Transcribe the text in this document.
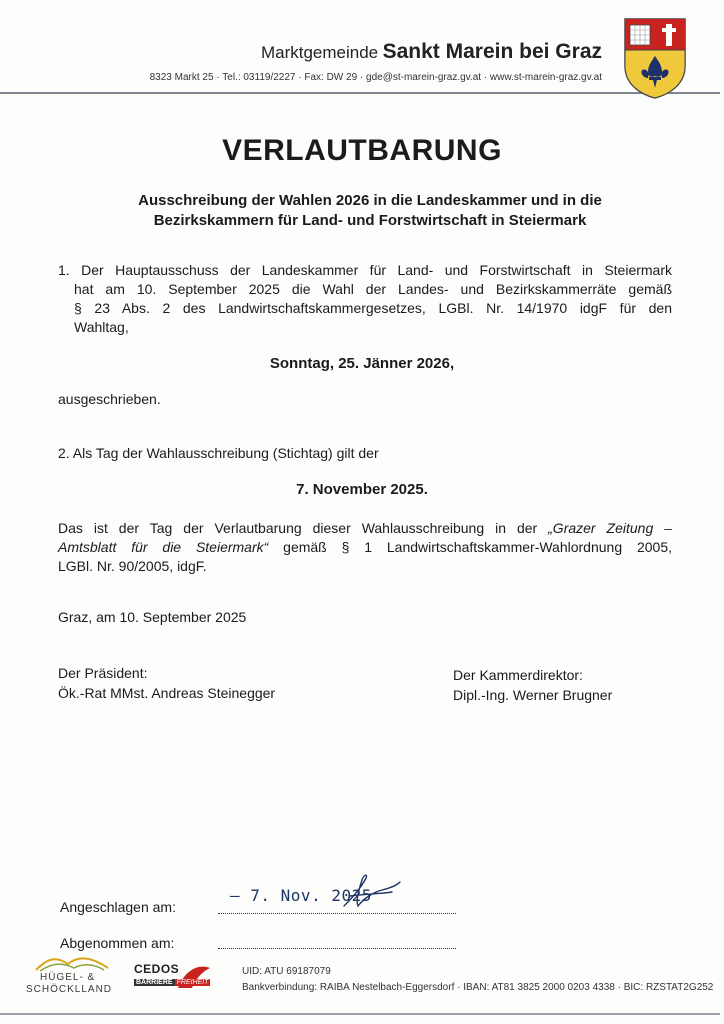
Marktgemeinde Sankt Marein bei Graz
8323 Markt 25 · Tel.: 03119/2227 · Fax: DW 29 · gde@st-marein-graz.gv.at · www.st-marein-graz.gv.at
VERLAUTBARUNG
Ausschreibung der Wahlen 2026 in die Landeskammer und in die
Bezirkskammern für Land- und Forstwirtschaft in Steiermark
1. Der Hauptausschuss der Landeskammer für Land- und Forstwirtschaft in Steiermark
hat am 10. September 2025 die Wahl der Landes- und Bezirkskammerräte gemäß
§ 23 Abs. 2 des Landwirtschaftskammergesetzes, LGBl. Nr. 14/1970 idgF für den
Wahltag,
Sonntag, 25. Jänner 2026,
ausgeschrieben.
2. Als Tag der Wahlausschreibung (Stichtag) gilt der
7. November 2025.
Das ist der Tag der Verlautbarung dieser Wahlausschreibung in der „Grazer Zeitung –
Amtsblatt für die Steiermark“ gemäß § 1 Landwirtschaftskammer-Wahlordnung 2005,
LGBl. Nr. 90/2005, idgF.
Graz, am 10. September 2025
Der Präsident:
Ök.-Rat MMst. Andreas Steinegger
Der Kammerdirektor:
Dipl.-Ing. Werner Brugner
Angeschlagen am:
– 7. Nov. 2025
Abgenommen am:
HÜGEL- &
SCHÖCKLLAND
CEDOS
BARRIERE FREIHEIT
UID: ATU 69187079
Bankverbindung: RAIBA Nestelbach-Eggersdorf · IBAN: AT81 3825 2000 0203 4338 · BIC: RZSTAT2G252
